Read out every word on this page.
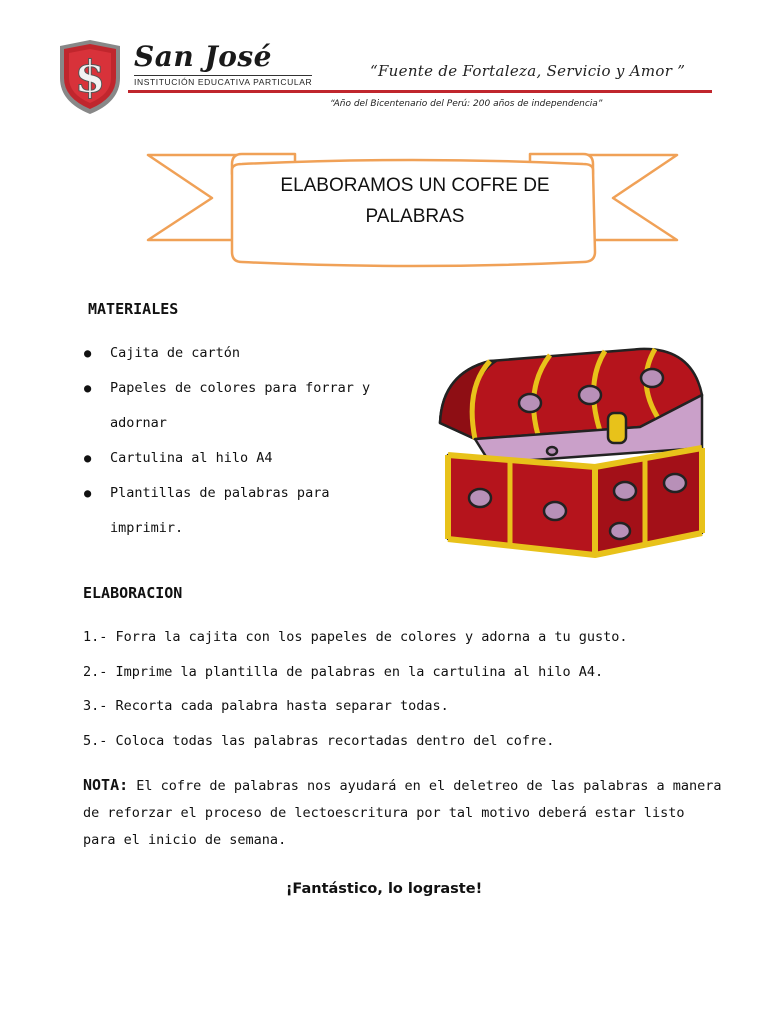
$ San José
INSTITUCIÓN EDUCATIVA PARTICULAR
“Fuente de Fortaleza, Servicio y Amor ”
“Año del Bicentenario del Perú: 200 años de independencia”
ELABORAMOS UN COFRE DE
PALABRAS
MATERIALES
● Cajita de cartón
● Papeles de colores para forrar y
adornar
● Cartulina al hilo A4
● Plantillas de palabras para
imprimir.
ELABORACION
1.- Forra la cajita con los papeles de colores y adorna a tu gusto.
2.- Imprime la plantilla de palabras en la cartulina al hilo A4.
3.- Recorta cada palabra hasta separar todas.
5.- Coloca todas las palabras recortadas dentro del cofre.
NOTA: El cofre de palabras nos ayudará en el deletreo de las palabras a manera de reforzar el proceso de lectoescritura por tal motivo deberá estar listo para el inicio de semana.
¡Fantástico, lo lograste!
